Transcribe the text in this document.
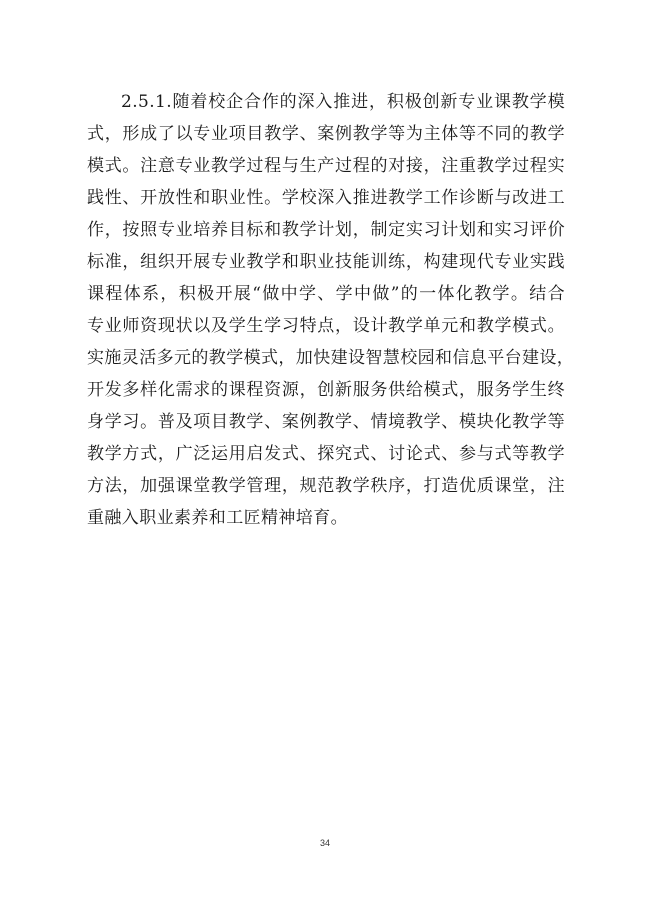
2.5.1.随着校企合作的深入推进，积极创新专业课教学模
式，形成了以专业项目教学、案例教学等为主体等不同的教学
模式。注意专业教学过程与生产过程的对接，注重教学过程实
践性、开放性和职业性。学校深入推进教学工作诊断与改进工
作，按照专业培养目标和教学计划，制定实习计划和实习评价
标准，组织开展专业教学和职业技能训练，构建现代专业实践
课程体系，积极开展“做中学、学中做”的一体化教学。结合
专业师资现状以及学生学习特点，设计教学单元和教学模式。
实施灵活多元的教学模式，加快建设智慧校园和信息平台建设，
开发多样化需求的课程资源，创新服务供给模式，服务学生终
身学习。普及项目教学、案例教学、情境教学、模块化教学等
教学方式，广泛运用启发式、探究式、讨论式、参与式等教学
方法，加强课堂教学管理，规范教学秩序，打造优质课堂，注
重融入职业素养和工匠精神培育。
34
